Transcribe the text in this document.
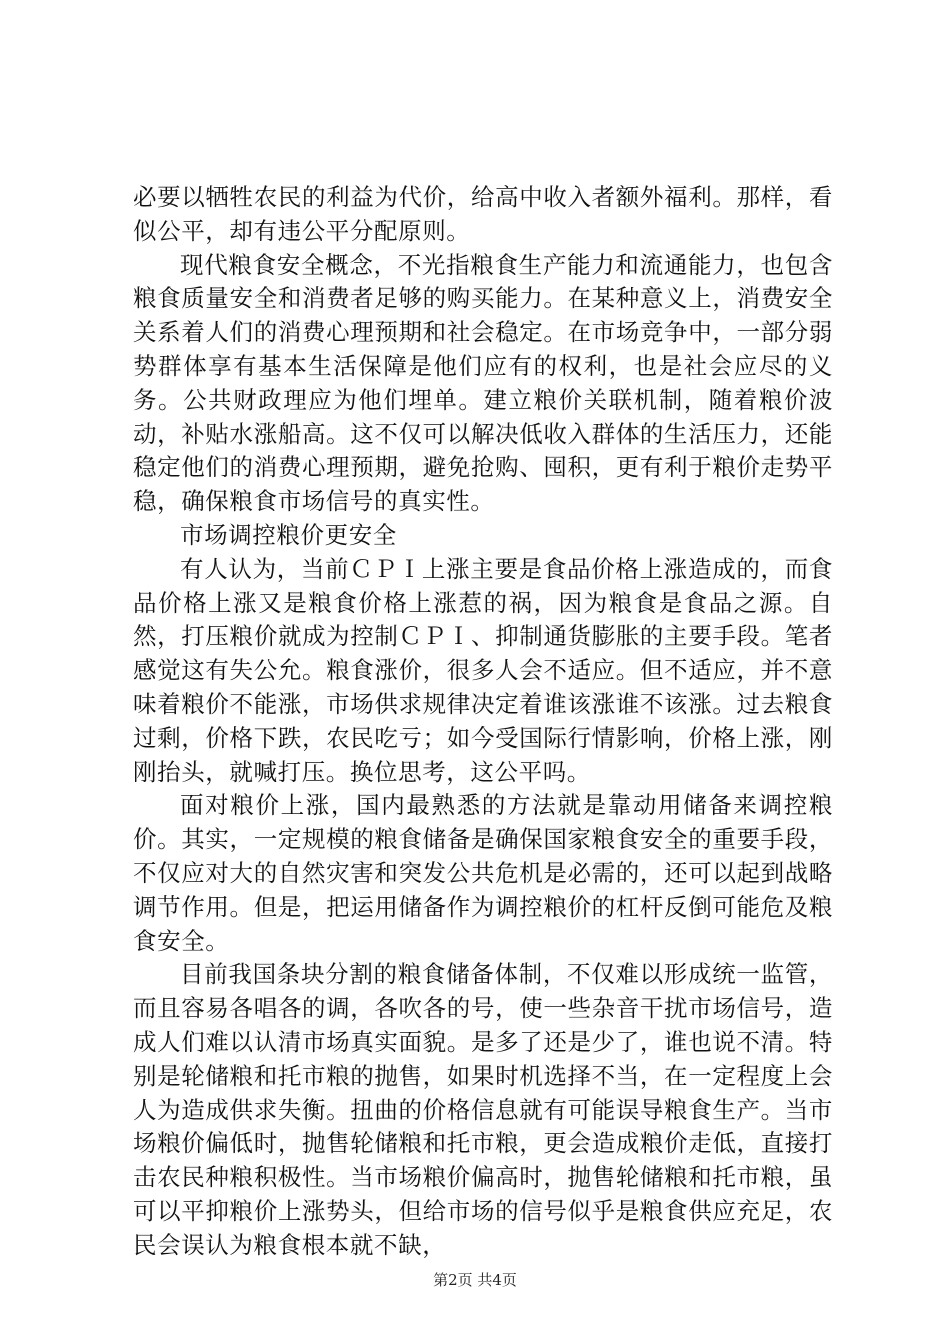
必要以牺牲农民的利益为代价，给高中收入者额外福利。那样，看似公平，却有违公平分配原则。

现代粮食安全概念，不光指粮食生产能力和流通能力，也包含粮食质量安全和消费者足够的购买能力。在某种意义上，消费安全关系着人们的消费心理预期和社会稳定。在市场竞争中，一部分弱势群体享有基本生活保障是他们应有的权利，也是社会应尽的义务。公共财政理应为他们埋单。建立粮价关联机制，随着粮价波动，补贴水涨船高。这不仅可以解决低收入群体的生活压力，还能稳定他们的消费心理预期，避免抢购、囤积，更有利于粮价走势平稳，确保粮食市场信号的真实性。

市场调控粮价更安全

有人认为，当前ＣＰＩ上涨主要是食品价格上涨造成的，而食品价格上涨又是粮食价格上涨惹的祸，因为粮食是食品之源。自然，打压粮价就成为控制ＣＰＩ、抑制通货膨胀的主要手段。笔者感觉这有失公允。粮食涨价，很多人会不适应。但不适应，并不意味着粮价不能涨，市场供求规律决定着谁该涨谁不该涨。过去粮食过剩，价格下跌，农民吃亏；如今受国际行情影响，价格上涨，刚刚抬头，就喊打压。换位思考，这公平吗。

面对粮价上涨，国内最熟悉的方法就是靠动用储备来调控粮价。其实，一定规模的粮食储备是确保国家粮食安全的重要手段，不仅应对大的自然灾害和突发公共危机是必需的，还可以起到战略调节作用。但是，把运用储备作为调控粮价的杠杆反倒可能危及粮食安全。

目前我国条块分割的粮食储备体制，不仅难以形成统一监管，而且容易各唱各的调，各吹各的号，使一些杂音干扰市场信号，造成人们难以认清市场真实面貌。是多了还是少了，谁也说不清。特别是轮储粮和托市粮的抛售，如果时机选择不当，在一定程度上会人为造成供求失衡。扭曲的价格信息就有可能误导粮食生产。当市场粮价偏低时，抛售轮储粮和托市粮，更会造成粮价走低，直接打击农民种粮积极性。当市场粮价偏高时，抛售轮储粮和托市粮，虽可以平抑粮价上涨势头，但给市场的信号似乎是粮食供应充足，农民会误认为粮食根本就不缺，

第2页 共4页
